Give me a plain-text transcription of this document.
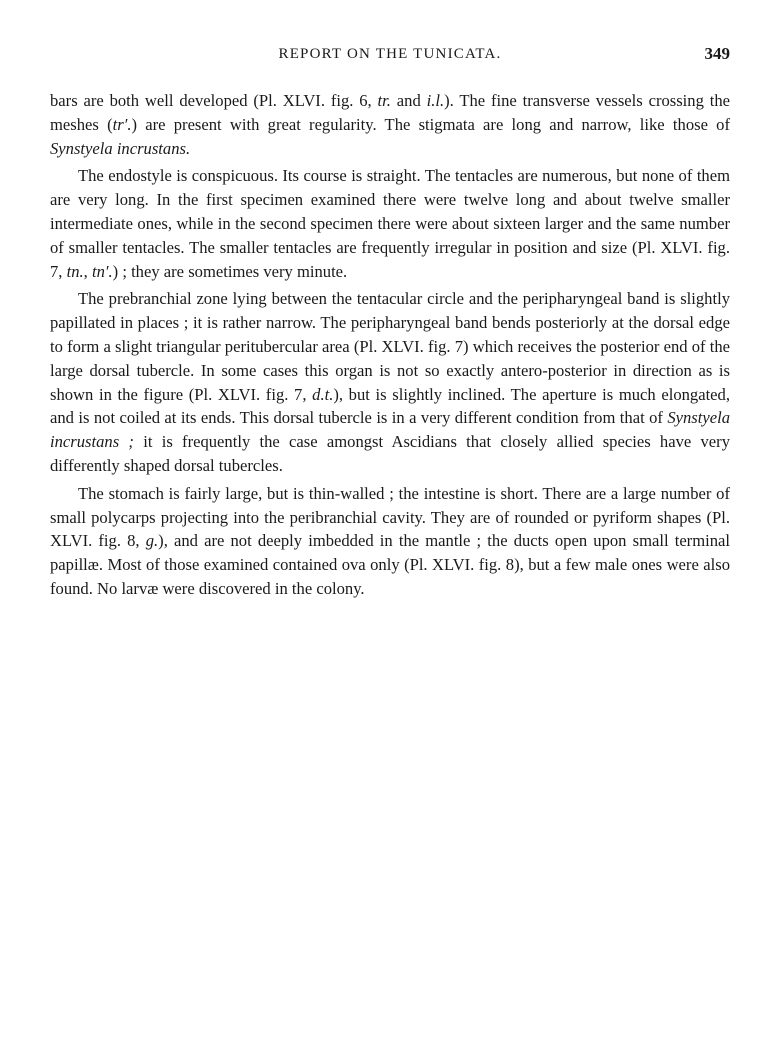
REPORT ON THE TUNICATA.	349

bars are both well developed (Pl. XLVI. fig. 6, tr. and i.l.). The fine transverse vessels crossing the meshes (tr′.) are present with great regularity. The stigmata are long and narrow, like those of Synstyela incrustans.

The endostyle is conspicuous. Its course is straight. The tentacles are numerous, but none of them are very long. In the first specimen examined there were twelve long and about twelve smaller intermediate ones, while in the second specimen there were about sixteen larger and the same number of smaller tentacles. The smaller tentacles are frequently irregular in position and size (Pl. XLVI. fig. 7, tn., tn′.) ; they are sometimes very minute.

The prebranchial zone lying between the tentacular circle and the peripharyngeal band is slightly papillated in places ; it is rather narrow. The peripharyngeal band bends posteriorly at the dorsal edge to form a slight triangular peritubercular area (Pl. XLVI. fig. 7) which receives the posterior end of the large dorsal tubercle. In some cases this organ is not so exactly antero-posterior in direction as is shown in the figure (Pl. XLVI. fig. 7, d.t.), but is slightly inclined. The aperture is much elongated, and is not coiled at its ends. This dorsal tubercle is in a very different condition from that of Synstyela incrustans ; it is frequently the case amongst Ascidians that closely allied species have very differently shaped dorsal tubercles.

The stomach is fairly large, but is thin-walled ; the intestine is short. There are a large number of small polycarps projecting into the peribranchial cavity. They are of rounded or pyriform shapes (Pl. XLVI. fig. 8, g.), and are not deeply imbedded in the mantle ; the ducts open upon small terminal papillæ. Most of those examined contained ova only (Pl. XLVI. fig. 8), but a few male ones were also found. No larvæ were discovered in the colony.
